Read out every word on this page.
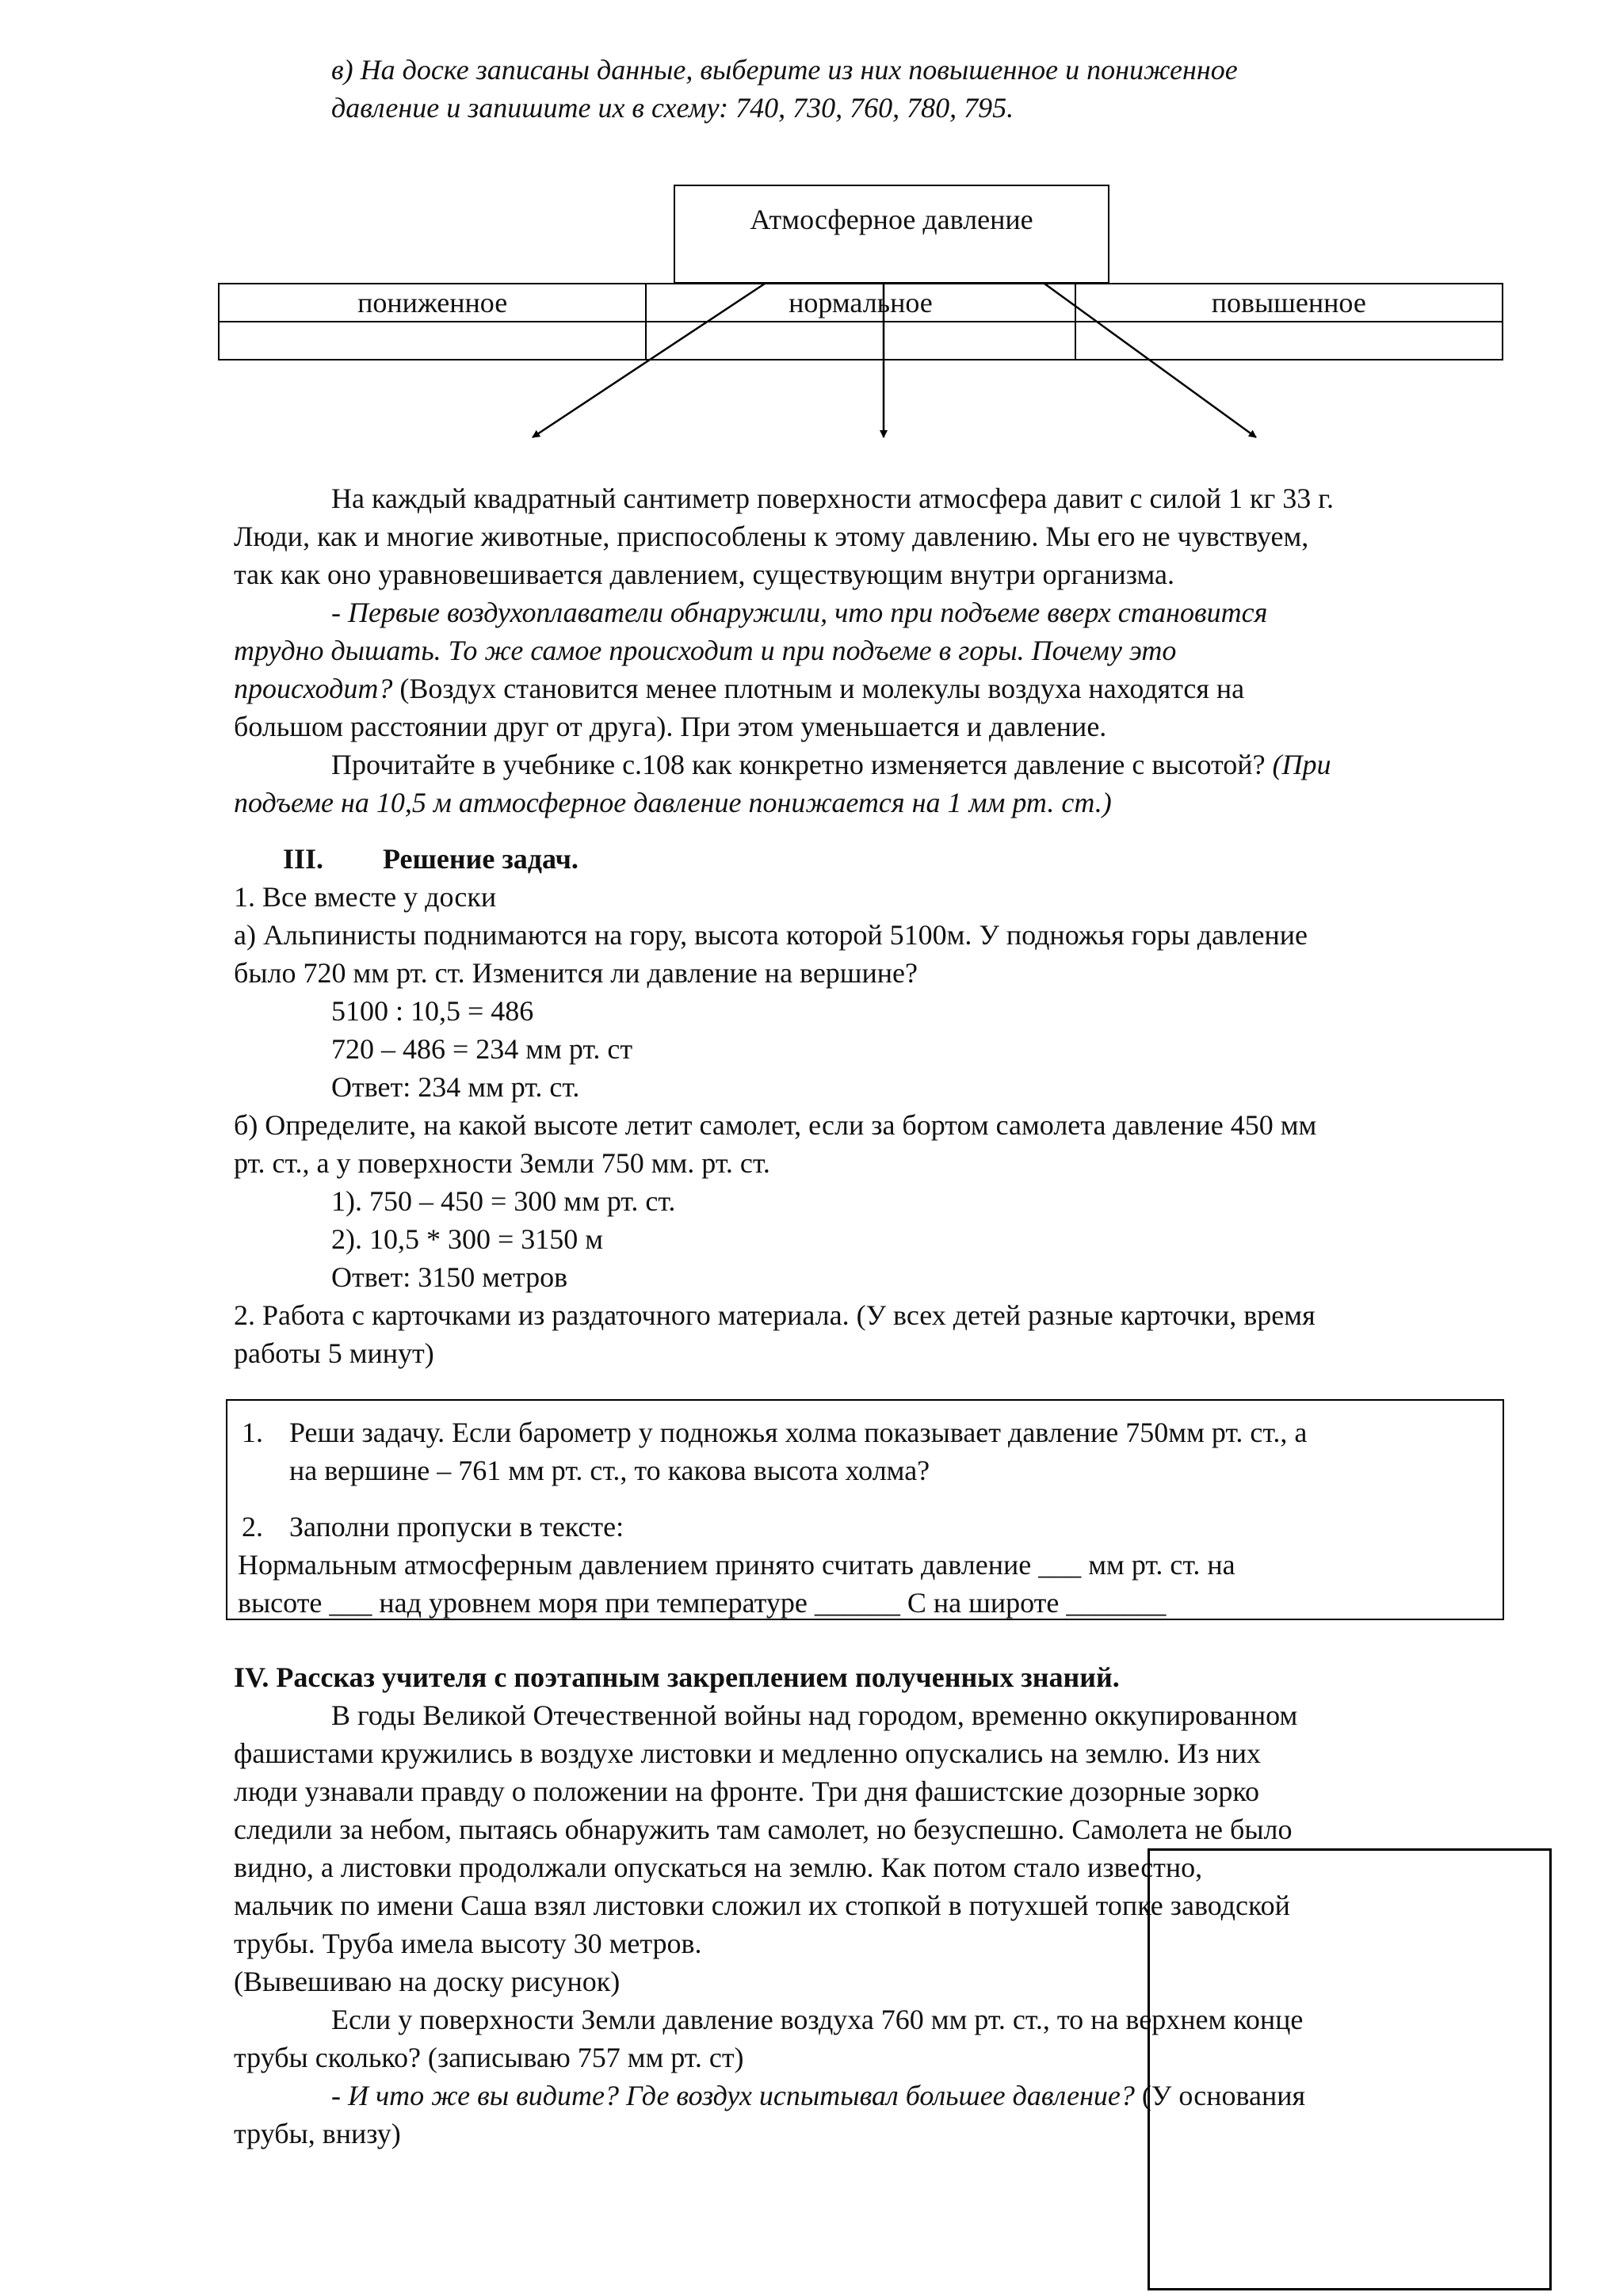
в) На доске записаны данные, выберите из них повышенное и пониженное
давление и запишите их в схему: 740, 730, 760, 780, 795.
Атмосферное давление
пониженное	нормальное	повышенное

На каждый квадратный сантиметр поверхности атмосфера давит с силой 1 кг 33 г.
Люди, как и многие животные, приспособлены к этому давлению. Мы его не чувствуем,
так как оно уравновешивается давлением, существующим внутри организма.
- Первые воздухоплаватели обнаружили, что при подъеме вверх становится
трудно дышать. То же самое происходит и при подъеме в горы. Почему это
происходит? (Воздух становится менее плотным и молекулы воздуха находятся на
большом расстоянии друг от друга). При этом уменьшается и давление.
Прочитайте в учебнике с.108 как конкретно изменяется давление с высотой? (При
подъеме на 10,5 м атмосферное давление понижается на 1 мм рт. ст.)
III. Решение задач.
1. Все вместе у доски
а) Альпинисты поднимаются на гору, высота которой 5100м. У подножья горы давление
было 720 мм рт. ст. Изменится ли давление на вершине?
5100 : 10,5 = 486
720 – 486 = 234 мм рт. ст
Ответ: 234 мм рт. ст.
б) Определите, на какой высоте летит самолет, если за бортом самолета давление 450 мм
рт. ст., а у поверхности Земли 750 мм. рт. ст.
1). 750 – 450 = 300 мм рт. ст.
2). 10,5 * 300 = 3150 м
Ответ: 3150 метров
2. Работа с карточками из раздаточного материала. (У всех детей разные карточки, время
работы 5 минут)
1. Реши задачу. Если барометр у подножья холма показывает давление 750мм рт. ст., а
на вершине – 761 мм рт. ст., то какова высота холма?
2. Заполни пропуски в тексте:
Нормальным атмосферным давлением принято считать давление ___ мм рт. ст. на
высоте ___ над уровнем моря при температуре ______ С на широте _______
IV. Рассказ учителя с поэтапным закреплением полученных знаний.
В годы Великой Отечественной войны над городом, временно оккупированном
фашистами кружились в воздухе листовки и медленно опускались на землю. Из них
люди узнавали правду о положении на фронте. Три дня фашистские дозорные зорко
следили за небом, пытаясь обнаружить там самолет, но безуспешно. Самолета не было
видно, а листовки продолжали опускаться на землю. Как потом стало известно,
мальчик по имени Саша взял листовки сложил их стопкой в потухшей топке заводской
трубы. Труба имела высоту 30 метров.
(Вывешиваю на доску рисунок)
Если у поверхности Земли давление воздуха 760 мм рт. ст., то на верхнем конце
трубы сколько? (записываю 757 мм рт. ст)
- И что же вы видите? Где воздух испытывал большее давление? (У основания
трубы, внизу)
